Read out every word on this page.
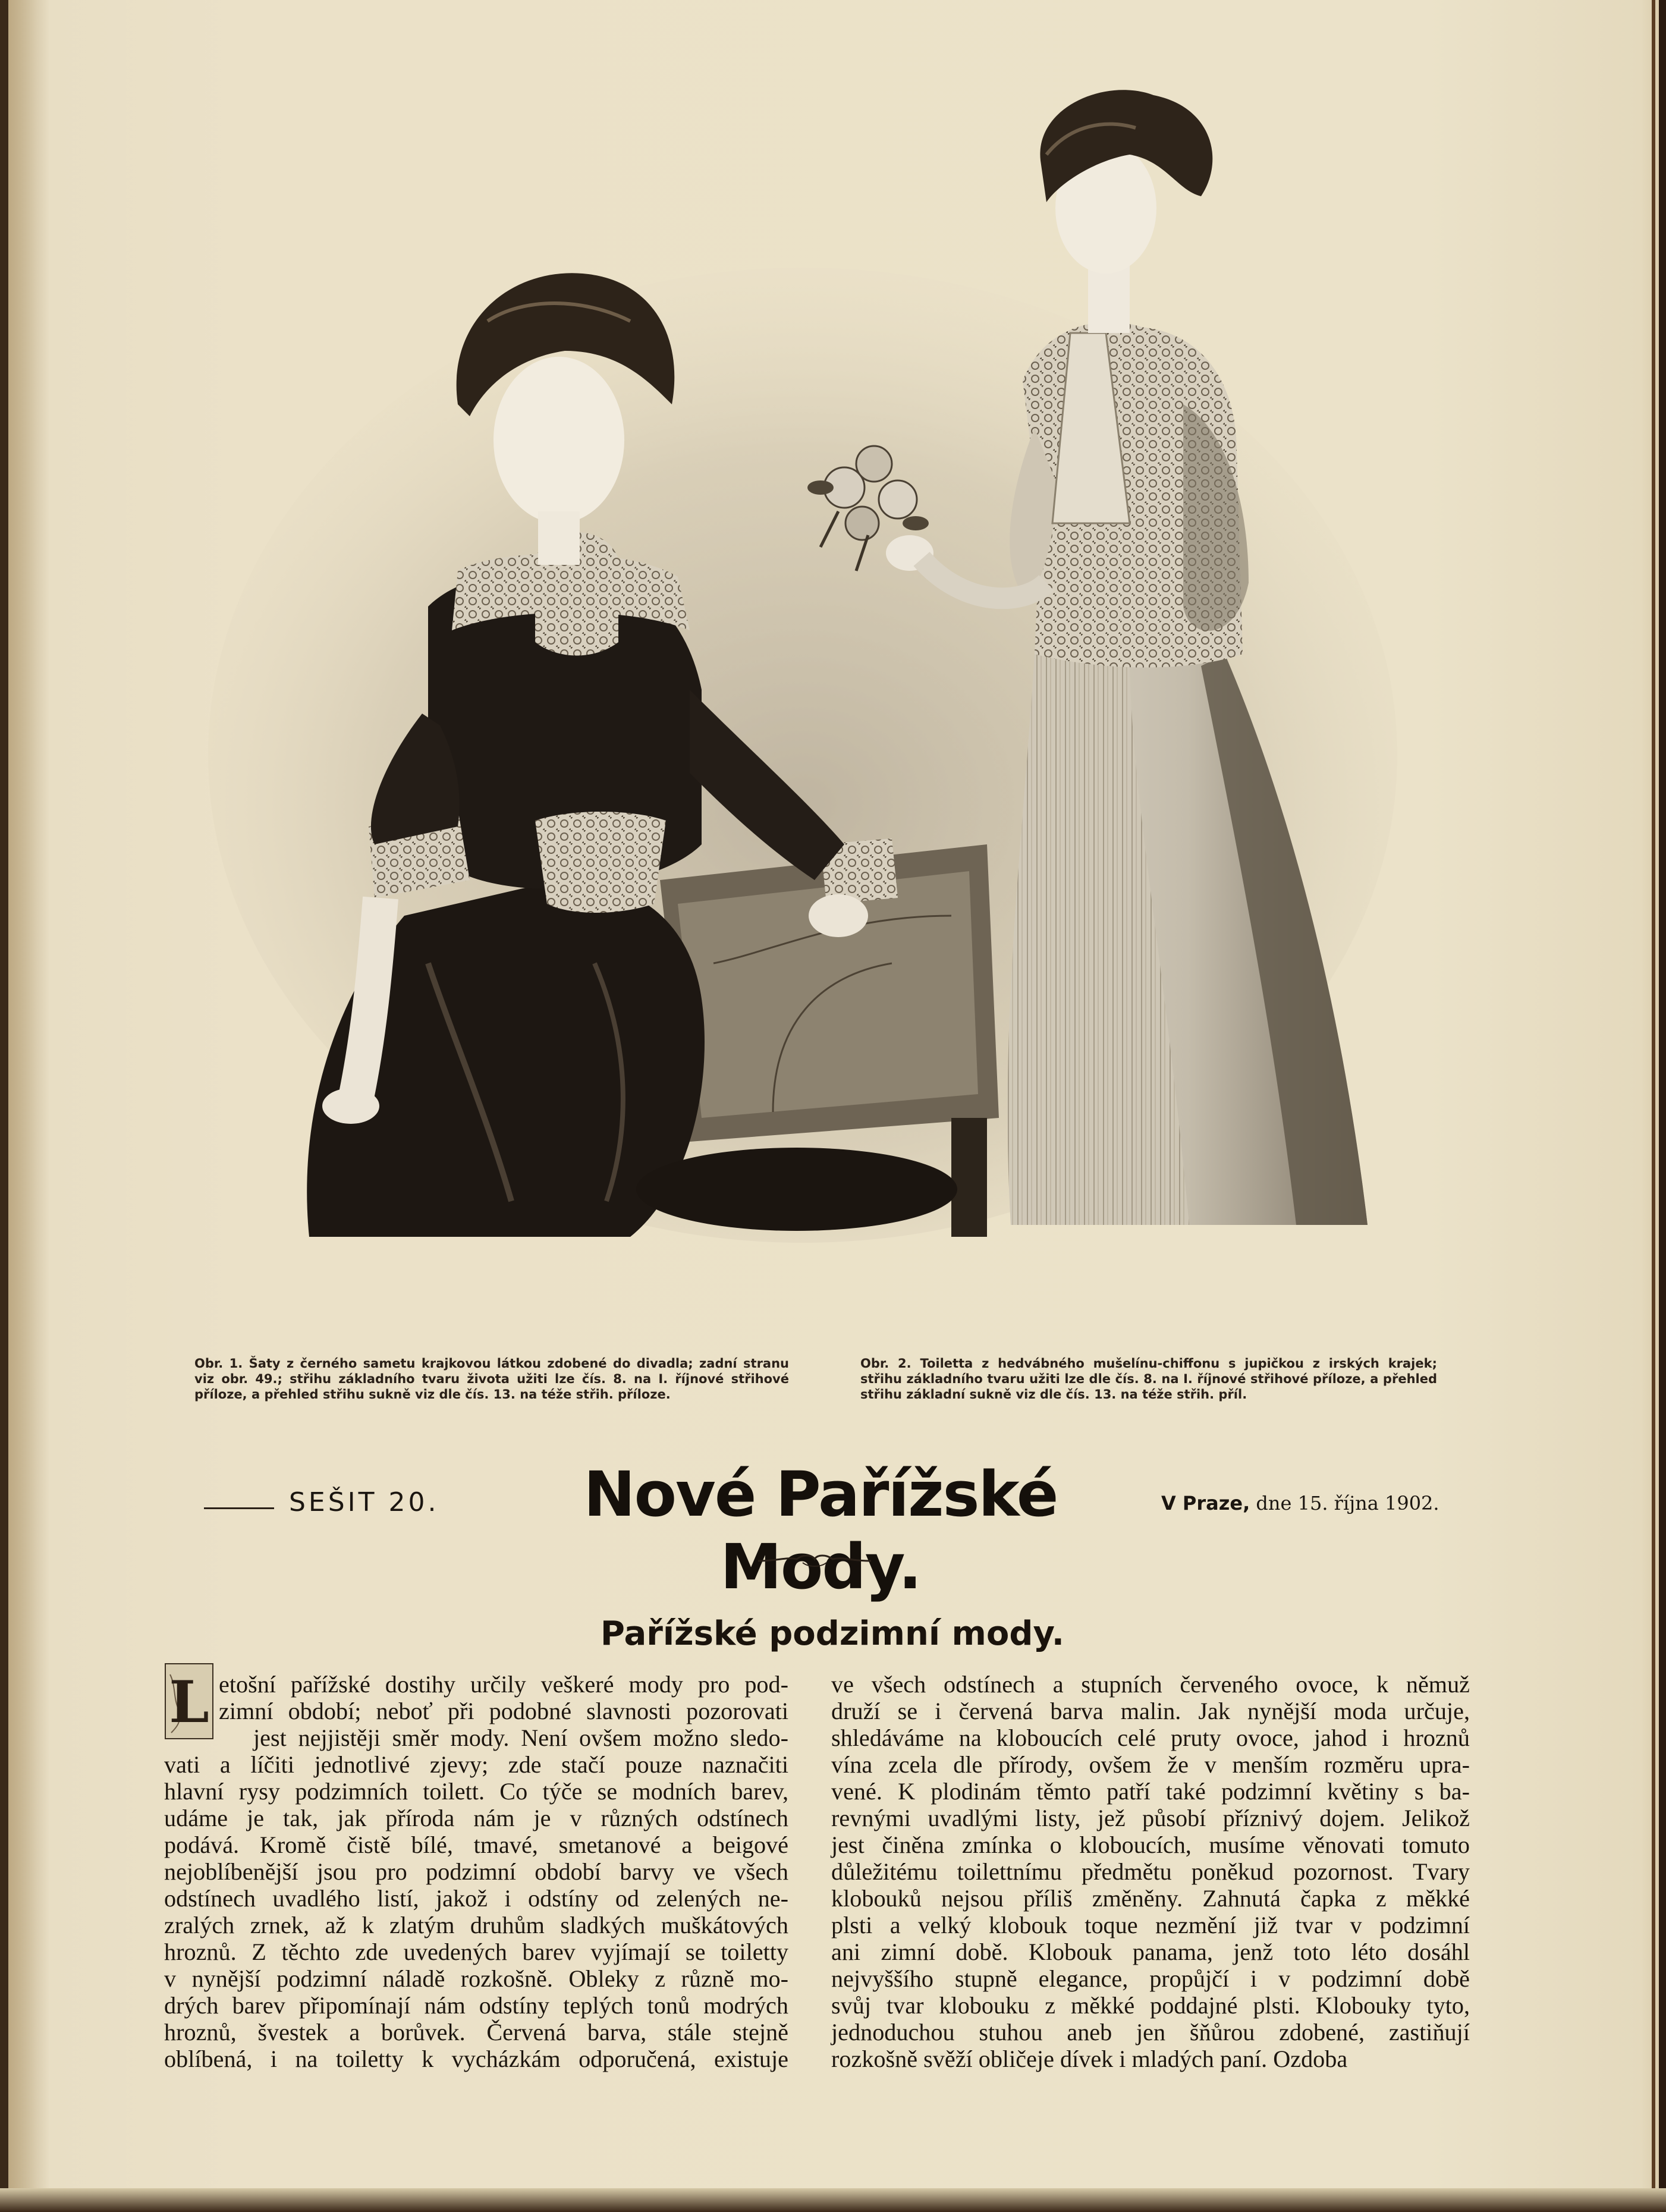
Obr. 1. Šaty z černého sametu krajkovou látkou zdobené do divadla; zadní stranu viz obr. 49.; střihu základního tvaru života užiti lze čís. 8. na I. říjnové střihové příloze, a přehled střihu sukně viz dle čís. 13. na téže střih. příloze.
Obr. 2. Toiletta z hedvábného mušelínu-chiffonu s jupičkou z irských krajek; střihu základního tvaru užiti lze dle čís. 8. na I. říjnové střihové příloze, a přehled střihu základní sukně viz dle čís. 13. na téže střih. příl.
SEŠIT 20.	Nové Pařížské Mody.
V Praze, dne 15. října 1902.
Pařížské podzimní mody.
L etošní pařížské dostihy určily veškeré mody pro pod-
zimní období; neboť při podobné slavnosti pozorovati
jest nejjistěji směr mody. Není ovšem možno sledo-
vati a líčiti jednotlivé zjevy; zde stačí pouze naznačiti
hlavní rysy podzimních toilett. Co týče se modních barev,
udáme je tak, jak příroda nám je v různých odstínech
podává. Kromě čistě bílé, tmavé, smetanové a beigové
nejoblíbenější jsou pro podzimní období barvy ve všech
odstínech uvadlého listí, jakož i odstíny od zelených ne-
zralých zrnek, až k zlatým druhům sladkých muškátových
hroznů. Z těchto zde uvedených barev vyjímají se toiletty
v nynější podzimní náladě rozkošně. Obleky z různě mo-
drých barev připomínají nám odstíny teplých tonů modrých
hroznů, švestek a borůvek. Červená barva, stále stejně
oblíbená, i na toiletty k vycházkám odporučená, existuje
ve všech odstínech a stupních červeného ovoce, k němuž
druží se i červená barva malin. Jak nynější moda určuje,
shledáváme na kloboucích celé pruty ovoce, jahod i hroznů
vína zcela dle přírody, ovšem že v menším rozměru upra-
vené. K plodinám těmto patří také podzimní květiny s ba-
revnými uvadlými listy, jež působí příznivý dojem. Jelikož
jest činěna zmínka o kloboucích, musíme věnovati tomuto
důležitému toilettnímu předmětu poněkud pozornost. Tvary
klobouků nejsou příliš změněny. Zahnutá čapka z měkké
plsti a velký klobouk toque nezmění již tvar v podzimní
ani zimní době. Klobouk panama, jenž toto léto dosáhl
nejvyššího stupně elegance, propůjčí i v podzimní době
svůj tvar klobouku z měkké poddajné plsti. Klobouky tyto,
jednoduchou stuhou aneb jen šňůrou zdobené, zastiňují
rozkošně svěží obličeje dívek i mladých paní. Ozdoba
